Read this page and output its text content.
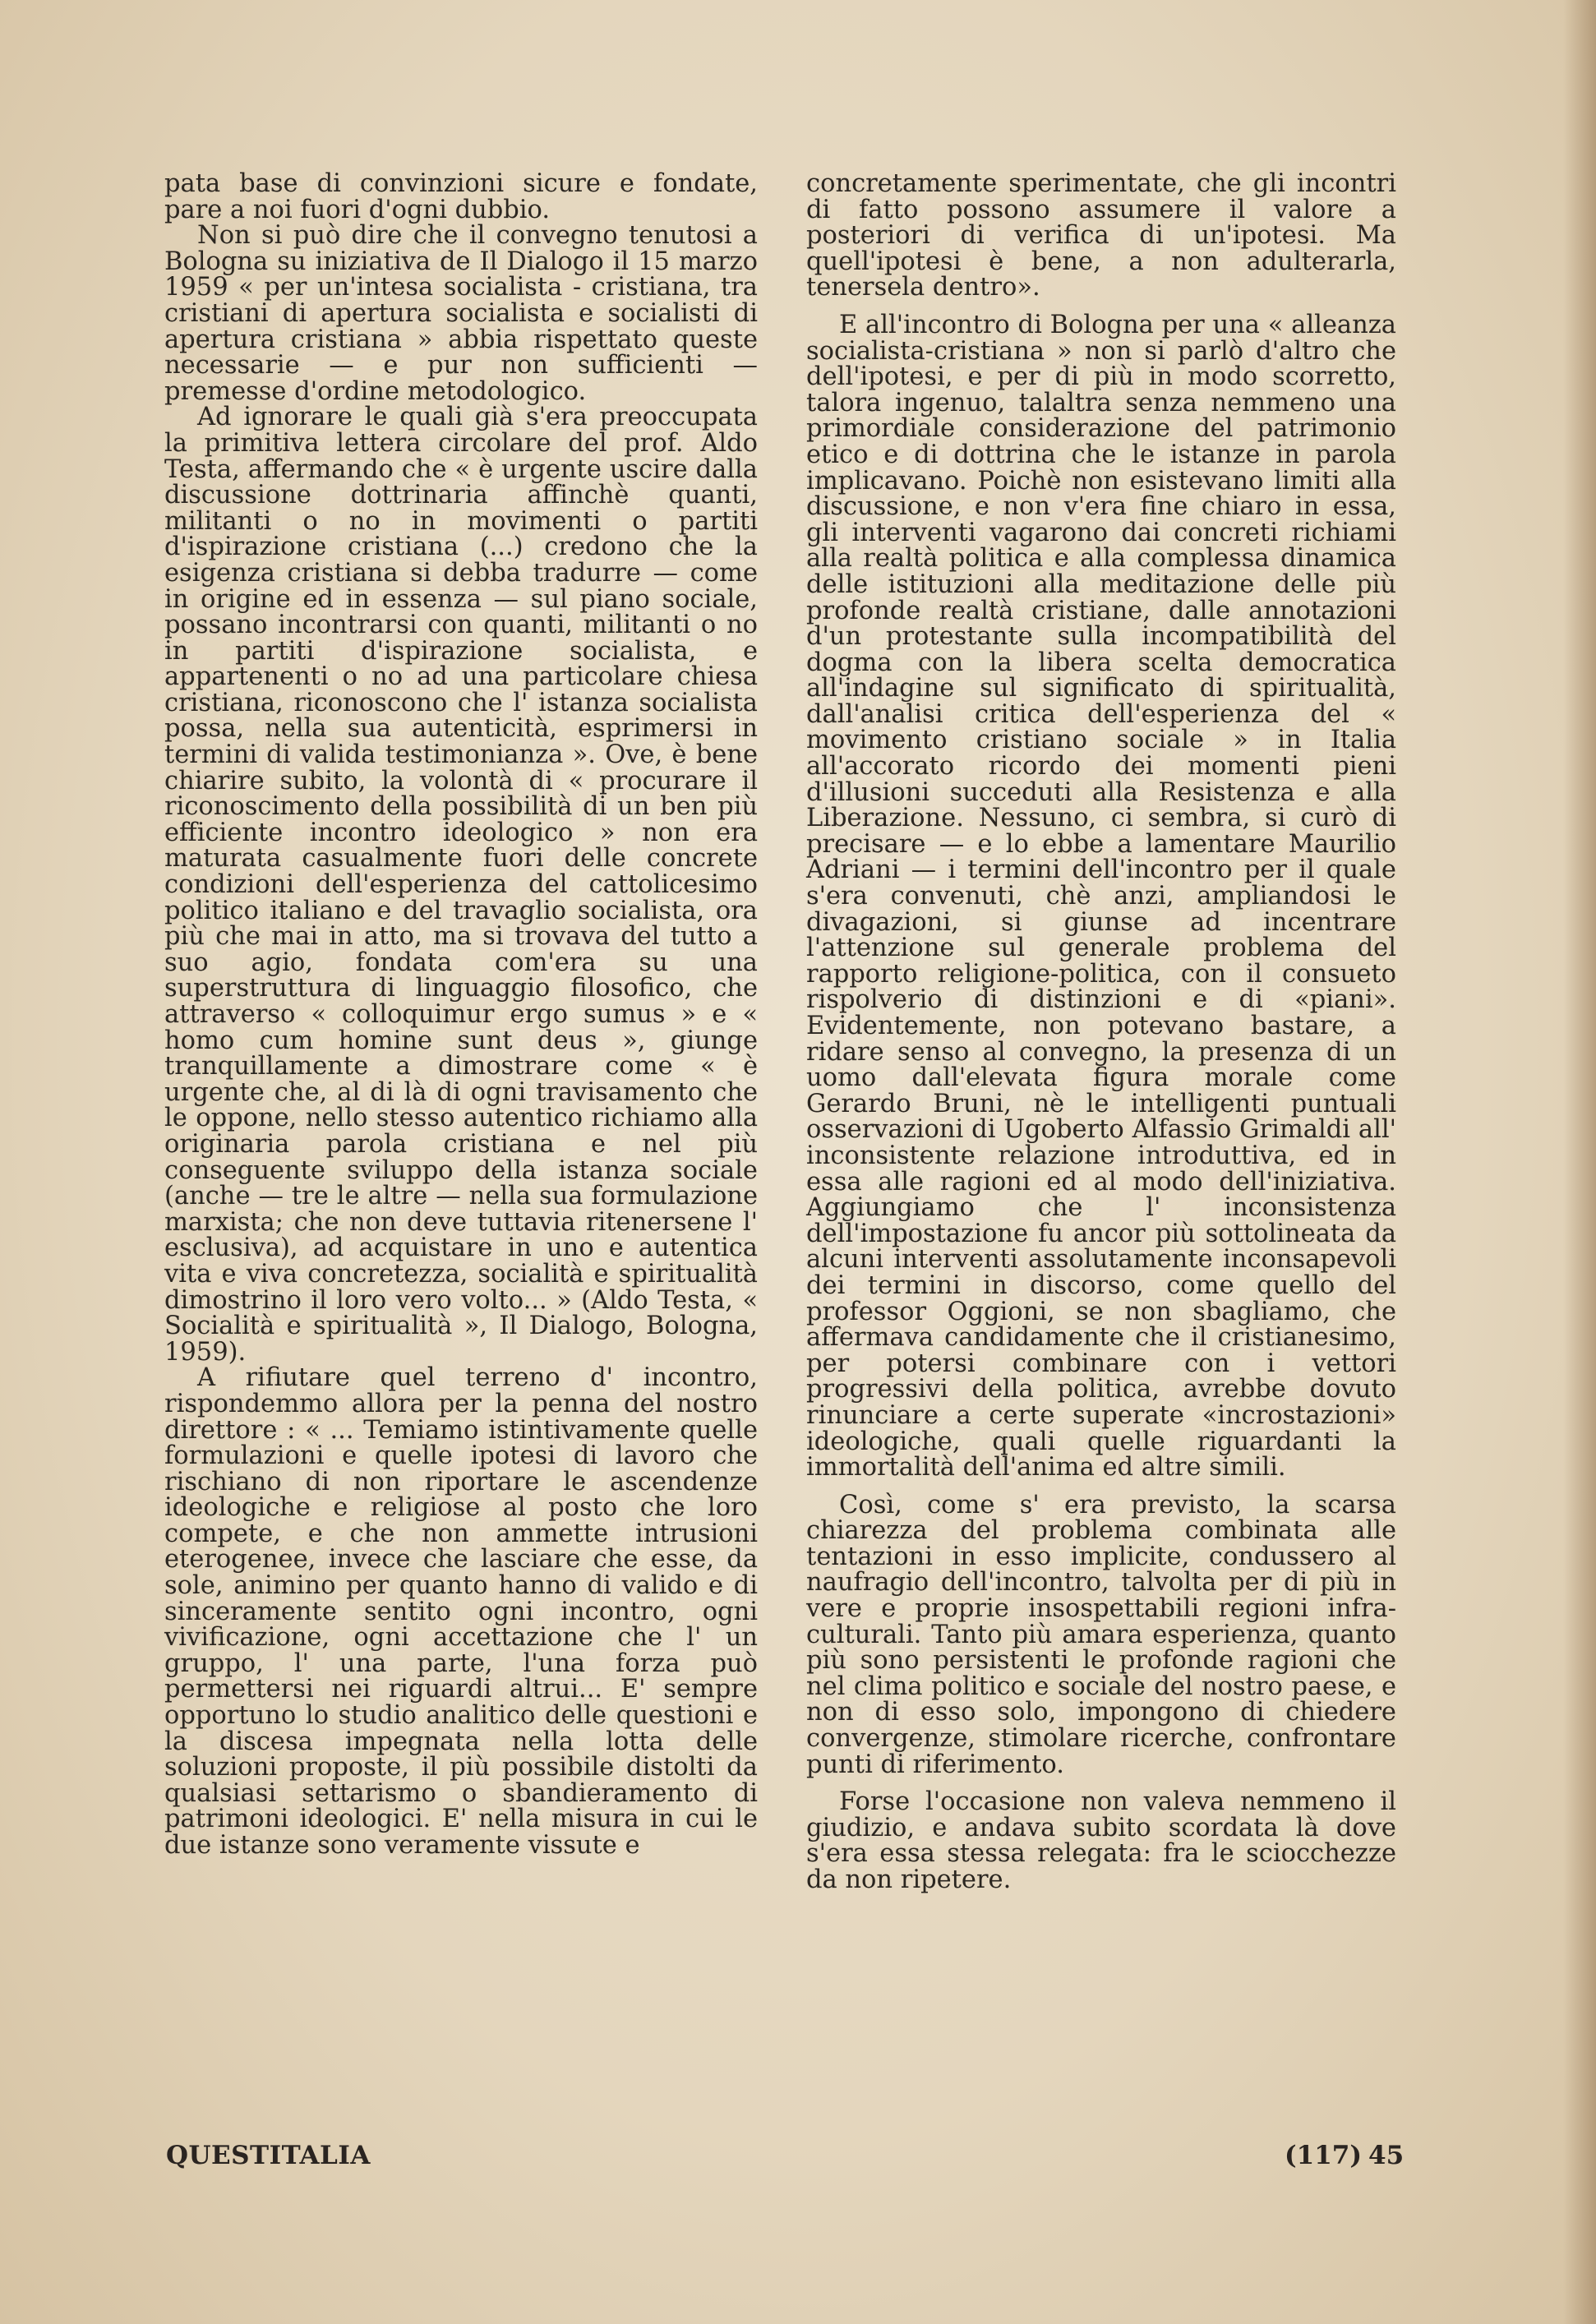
pata base di convinzioni sicure e fondate, pare a noi fuori d'ogni dubbio.

Non si può dire che il convegno tenutosi a Bologna su iniziativa de Il Dialogo il 15 marzo 1959 « per un'intesa socialista - cristiana, tra cristiani di apertura socialista e socialisti di apertura cristiana » abbia rispettato queste necessarie — e pur non sufficienti — premesse d'ordine metodologico.

Ad ignorare le quali già s'era preoccupata la primitiva lettera circolare del prof. Aldo Testa, affermando che « è urgente uscire dalla discussione dottrinaria affinchè quanti, militanti o no in movimenti o partiti d'ispirazione cristiana (...) credono che la esigenza cristiana si debba tradurre — come in origine ed in essenza — sul piano sociale, possano incontrarsi con quanti, militanti o no in partiti d'ispirazione socialista, e appartenenti o no ad una particolare chiesa cristiana, riconoscono che l' istanza socialista possa, nella sua autenticità, esprimersi in termini di valida testimonianza ». Ove, è bene chiarire subito, la volontà di « procurare il riconoscimento della possibilità di un ben più efficiente incontro ideologico » non era maturata casualmente fuori delle concrete condizioni dell'esperienza del cattolicesimo politico italiano e del travaglio socialista, ora più che mai in atto, ma si trovava del tutto a suo agio, fondata com'era su una superstruttura di linguaggio filosofico, che attraverso « colloquimur ergo sumus » e « homo cum homine sunt deus », giunge tranquillamente a dimostrare come « è urgente che, al di là di ogni travisamento che le oppone, nello stesso autentico richiamo alla originaria parola cristiana e nel più conseguente sviluppo della istanza sociale (anche — tre le altre — nella sua formulazione marxista; che non deve tuttavia ritenersene l' esclusiva), ad acquistare in uno e autentica vita e viva concretezza, socialità e spiritualità dimostrino il loro vero volto... » (Aldo Testa, « Socialità e spiritualità », Il Dialogo, Bologna, 1959).

A rifiutare quel terreno d' incontro, rispondemmo allora per la penna del nostro direttore : « ... Temiamo istintivamente quelle formulazioni e quelle ipotesi di lavoro che rischiano di non riportare le ascendenze ideologiche e religiose al posto che loro compete, e che non ammette intrusioni eterogenee, invece che lasciare che esse, da sole, animino per quanto hanno di valido e di sinceramente sentito ogni incontro, ogni vivificazione, ogni accettazione che l' un gruppo, l' una parte, l'una forza può permettersi nei riguardi altrui... E' sempre opportuno lo studio analitico delle questioni e la discesa impegnata nella lotta delle soluzioni proposte, il più possibile distolti da qualsiasi settarismo o sbandieramento di patrimoni ideologici. E' nella misura in cui le due istanze sono veramente vissute e

concretamente sperimentate, che gli incontri di fatto possono assumere il valore a posteriori di verifica di un'ipotesi. Ma quell'ipotesi è bene, a non adulterarla, tenersela dentro».

E all'incontro di Bologna per una « alleanza socialista-cristiana » non si parlò d'altro che dell'ipotesi, e per di più in modo scorretto, talora ingenuo, talaltra senza nemmeno una primordiale considerazione del patrimonio etico e di dottrina che le istanze in parola implicavano. Poichè non esistevano limiti alla discussione, e non v'era fine chiaro in essa, gli interventi vagarono dai concreti richiami alla realtà politica e alla complessa dinamica delle istituzioni alla meditazione delle più profonde realtà cristiane, dalle annotazioni d'un protestante sulla incompatibilità del dogma con la libera scelta democratica all'indagine sul significato di spiritualità, dall'analisi critica dell'esperienza del « movimento cristiano sociale » in Italia all'accorato ricordo dei momenti pieni d'illusioni succeduti alla Resistenza e alla Liberazione. Nessuno, ci sembra, si curò di precisare — e lo ebbe a lamentare Maurilio Adriani — i termini dell'incontro per il quale s'era convenuti, chè anzi, ampliandosi le divagazioni, si giunse ad incentrare l'attenzione sul generale problema del rapporto religione-politica, con il consueto rispolverio di distinzioni e di «piani». Evidentemente, non potevano bastare, a ridare senso al convegno, la presenza di un uomo dall'elevata figura morale come Gerardo Bruni, nè le intelligenti puntuali osservazioni di Ugoberto Alfassio Grimaldi all' inconsistente relazione introduttiva, ed in essa alle ragioni ed al modo dell'iniziativa. Aggiungiamo che l' inconsistenza dell'impostazione fu ancor più sottolineata da alcuni interventi assolutamente inconsapevoli dei termini in discorso, come quello del professor Oggioni, se non sbagliamo, che affermava candidamente che il cristianesimo, per potersi combinare con i vettori progressivi della politica, avrebbe dovuto rinunciare a certe superate «incrostazioni» ideologiche, quali quelle riguardanti la immortalità dell'anima ed altre simili.

Così, come s' era previsto, la scarsa chiarezza del problema combinata alle tentazioni in esso implicite, condussero al naufragio dell'incontro, talvolta per di più in vere e proprie insospettabili regioni infra-culturali. Tanto più amara esperienza, quanto più sono persistenti le profonde ragioni che nel clima politico e sociale del nostro paese, e non di esso solo, impongono di chiedere convergenze, stimolare ricerche, confrontare punti di riferimento.

Forse l'occasione non valeva nemmeno il giudizio, e andava subito scordata là dove s'era essa stessa relegata: fra le sciocchezze da non ripetere.

QUESTITALIA	(117) 45
